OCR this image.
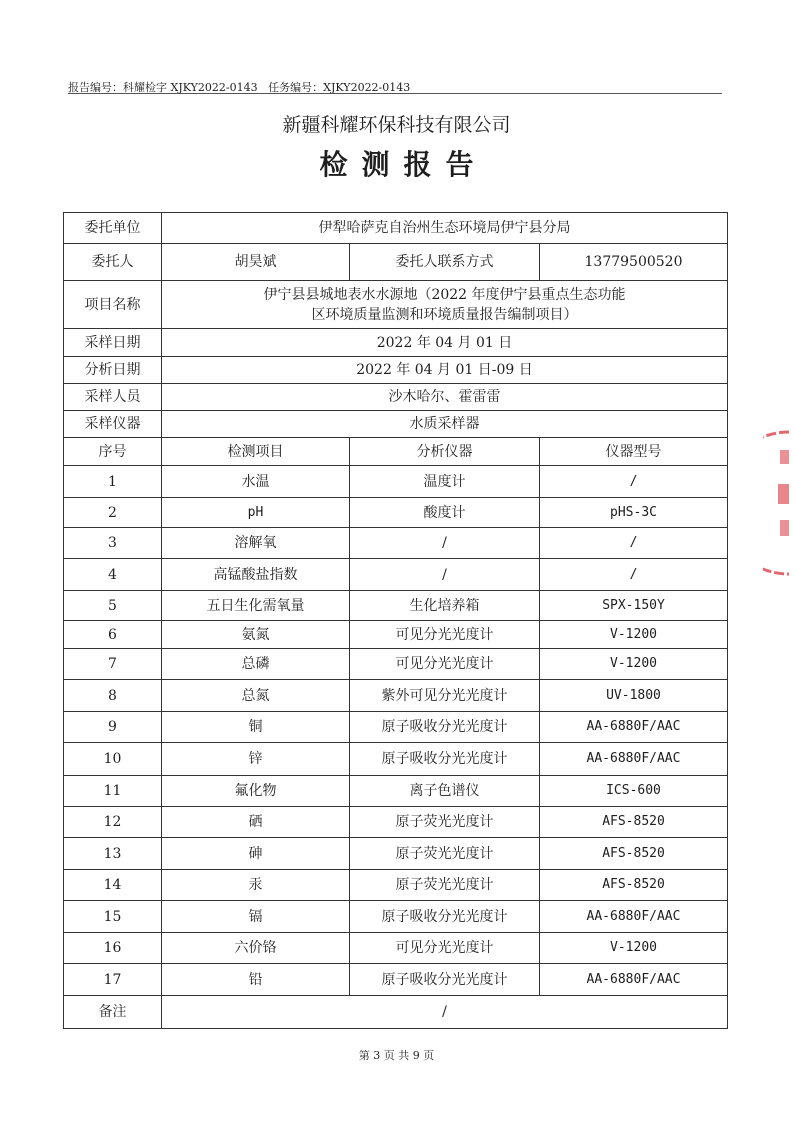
报告编号：科耀检字 XJKY2022-0143 任务编号：XJKY2022-0143
新疆科耀环保科技有限公司
检测报告
委托单位	伊犁哈萨克自治州生态环境局伊宁县分局		
委托人	胡昊斌	委托人联系方式	13779500520
项目名称	伊宁县县城地表水水源地（2022 年度伊宁县重点生态功能
区环境质量监测和环境质量报告编制项目）		

采样日期	2022 年 04 月 01 日		
分析日期	2022 年 04 月 01 日-09 日		
采样人员	沙木哈尔、霍雷雷		
采样仪器	水质采样器		
序号	检测项目	分析仪器	仪器型号
1	水温	温度计	/
2	pH	酸度计	pHS-3C
3	溶解氧	/	/
4	高锰酸盐指数	/	/
5	五日生化需氧量	生化培养箱	SPX-150Y
6	氨氮	可见分光光度计	V-1200
7	总磷	可见分光光度计	V-1200
8	总氮	紫外可见分光光度计	UV-1800
9	铜	原子吸收分光光度计	AA-6880F/AAC
10	锌	原子吸收分光光度计	AA-6880F/AAC
11	氟化物	离子色谱仪	ICS-600
12	硒	原子荧光光度计	AFS-8520
13	砷	原子荧光光度计	AFS-8520
14	汞	原子荧光光度计	AFS-8520
15	镉	原子吸收分光光度计	AA-6880F/AAC
16	六价铬	可见分光光度计	V-1200
17	铅	原子吸收分光光度计	AA-6880F/AAC
备注	/		
第 3 页 共 9 页
